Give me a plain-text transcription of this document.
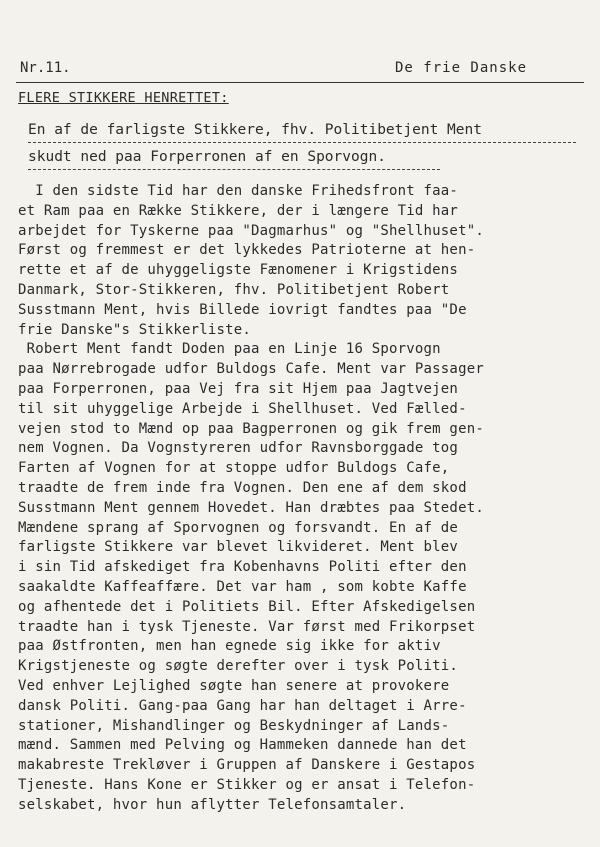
Nr.11.	De frie Danske
FLERE STIKKERE HENRETTET:
En af de farligste Stikkere, fhv. Politibetjent Ment
skudt ned paa Forperronen af en Sporvogn.
I den sidste Tid har den danske Frihedsfront faa-
et Ram paa en Række Stikkere, der i længere Tid har
arbejdet for Tyskerne paa "Dagmarhus" og "Shellhuset".
Først og fremmest er det lykkedes Patrioterne at hen-
rette et af de uhyggeligste Fænomener i Krigstidens
Danmark, Stor-Stikkeren, fhv. Politibetjent Robert
Susstmann Ment, hvis Billede iovrigt fandtes paa "De
frie Danske"s Stikkerliste.
Robert Ment fandt Doden paa en Linje 16 Sporvogn
paa Nørrebrogade udfor Buldogs Cafe. Ment var Passager
paa Forperronen, paa Vej fra sit Hjem paa Jagtvejen
til sit uhyggelige Arbejde i Shellhuset. Ved Fælled-
vejen stod to Mænd op paa Bagperronen og gik frem gen-
nem Vognen. Da Vognstyreren udfor Ravnsborggade tog
Farten af Vognen for at stoppe udfor Buldogs Cafe,
traadte de frem inde fra Vognen. Den ene af dem skod
Susstmann Ment gennem Hovedet. Han dræbtes paa Stedet.
Mændene sprang af Sporvognen og forsvandt. En af de
farligste Stikkere var blevet likvideret. Ment blev
i sin Tid afskediget fra Kobenhavns Politi efter den
saakaldte Kaffeaffære. Det var ham , som kobte Kaffe
og afhentede det i Politiets Bil. Efter Afskedigelsen
traadte han i tysk Tjeneste. Var først med Frikorpset
paa Østfronten, men han egnede sig ikke for aktiv
Krigstjeneste og søgte derefter over i tysk Politi.
Ved enhver Lejlighed søgte han senere at provokere
dansk Politi. Gang-paa Gang har han deltaget i Arre-
stationer, Mishandlinger og Beskydninger af Lands-
mænd. Sammen med Pelving og Hammeken dannede han det
makabreste Trekløver i Gruppen af Danskere i Gestapos
Tjeneste. Hans Kone er Stikker og er ansat i Telefon-
selskabet, hvor hun aflytter Telefonsamtaler.
